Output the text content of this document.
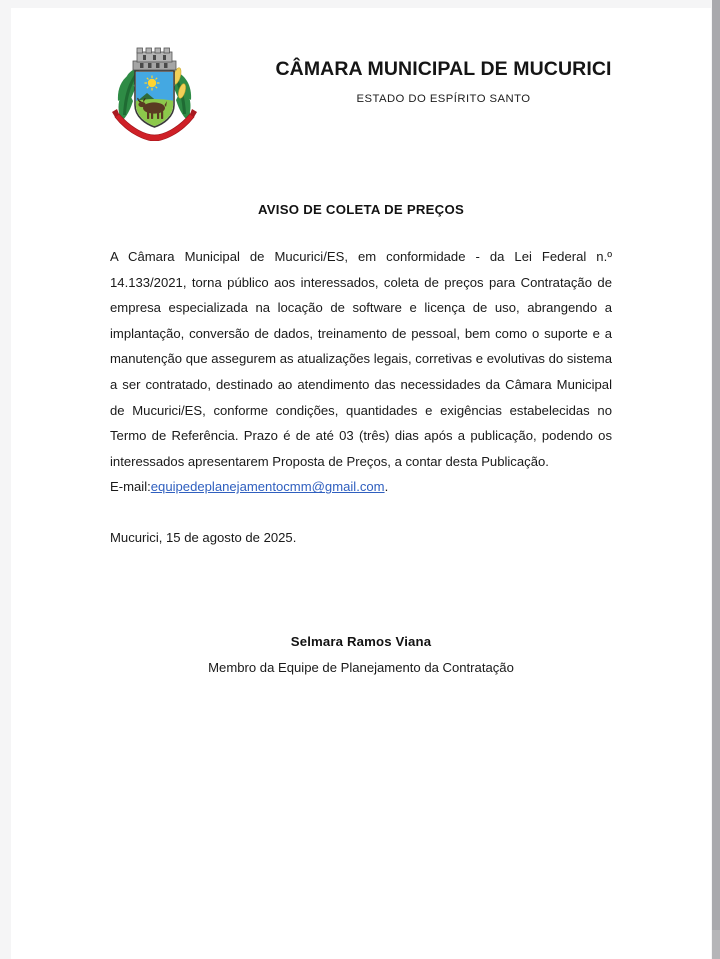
CÂMARA MUNICIPAL DE MUCURICI
ESTADO DO ESPÍRITO SANTO
AVISO DE COLETA DE PREÇOS

A Câmara Municipal de Mucurici/ES, em conformidade - da Lei Federal n.º 14.133/2021, torna público aos interessados, coleta de preços para Contratação de empresa especializada na locação de software e licença de uso, abrangendo a implantação, conversão de dados, treinamento de pessoal, bem como o suporte e a manutenção que assegurem as atualizações legais, corretivas e evolutivas do sistema a ser contratado, destinado ao atendimento das necessidades da Câmara Municipal de Mucurici/ES, conforme condições, quantidades e exigências estabelecidas no Termo de Referência. Prazo é de até 03 (três) dias após a publicação, podendo os interessados apresentarem Proposta de Preços, a contar desta Publicação.

E-mail:equipedeplanejamentocmm@gmail.com.

Mucurici, 15 de agosto de 2025.
Selmara Ramos Viana
Membro da Equipe de Planejamento da Contratação
